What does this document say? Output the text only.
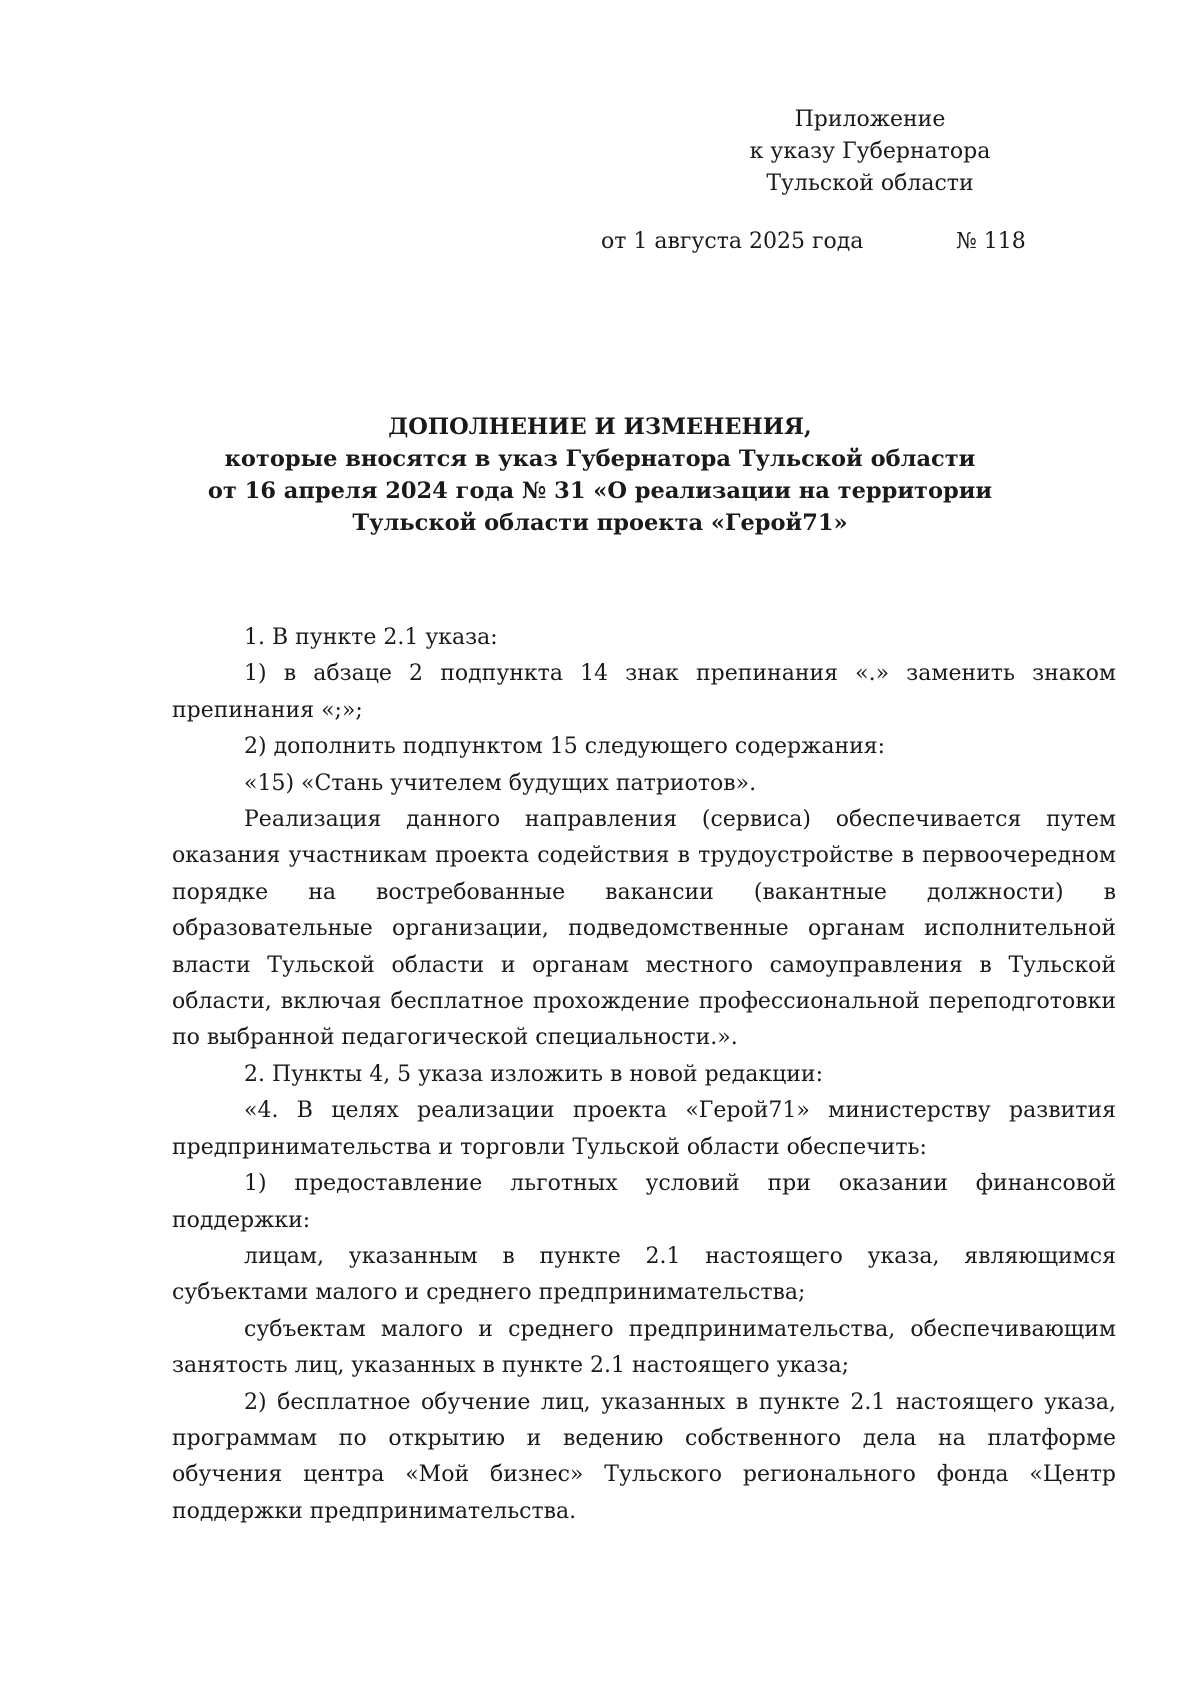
Приложение
к указу Губернатора
Тульской области
от 1 августа 2025 года	№ 118
ДОПОЛНЕНИЕ И ИЗМЕНЕНИЯ,
которые вносятся в указ Губернатора Тульской области
от 16 апреля 2024 года № 31 «О реализации на территории
Тульской области проекта «Герой71»

1. В пункте 2.1 указа:

1) в абзаце 2 подпункта 14 знак препинания «.» заменить знаком препинания «;»;

2) дополнить подпунктом 15 следующего содержания:

«15) «Стань учителем будущих патриотов».

Реализация данного направления (сервиса) обеспечивается путем оказания участникам проекта содействия в трудоустройстве в первоочередном порядке на востребованные вакансии (вакантные должности) в образовательные организации, подведомственные органам исполнительной власти Тульской области и органам местного самоуправления в Тульской области, включая бесплатное прохождение профессиональной переподготовки по выбранной педагогической специальности.».

2. Пункты 4, 5 указа изложить в новой редакции:

«4. В целях реализации проекта «Герой71» министерству развития предпринимательства и торговли Тульской области обеспечить:

1) предоставление льготных условий при оказании финансовой поддержки:

лицам, указанным в пункте 2.1 настоящего указа, являющимся субъектами малого и среднего предпринимательства;

субъектам малого и среднего предпринимательства, обеспечивающим занятость лиц, указанных в пункте 2.1 настоящего указа;

2) бесплатное обучение лиц, указанных в пункте 2.1 настоящего указа, программам по открытию и ведению собственного дела на платформе обучения центра «Мой бизнес» Тульского регионального фонда «Центр поддержки предпринимательства.
